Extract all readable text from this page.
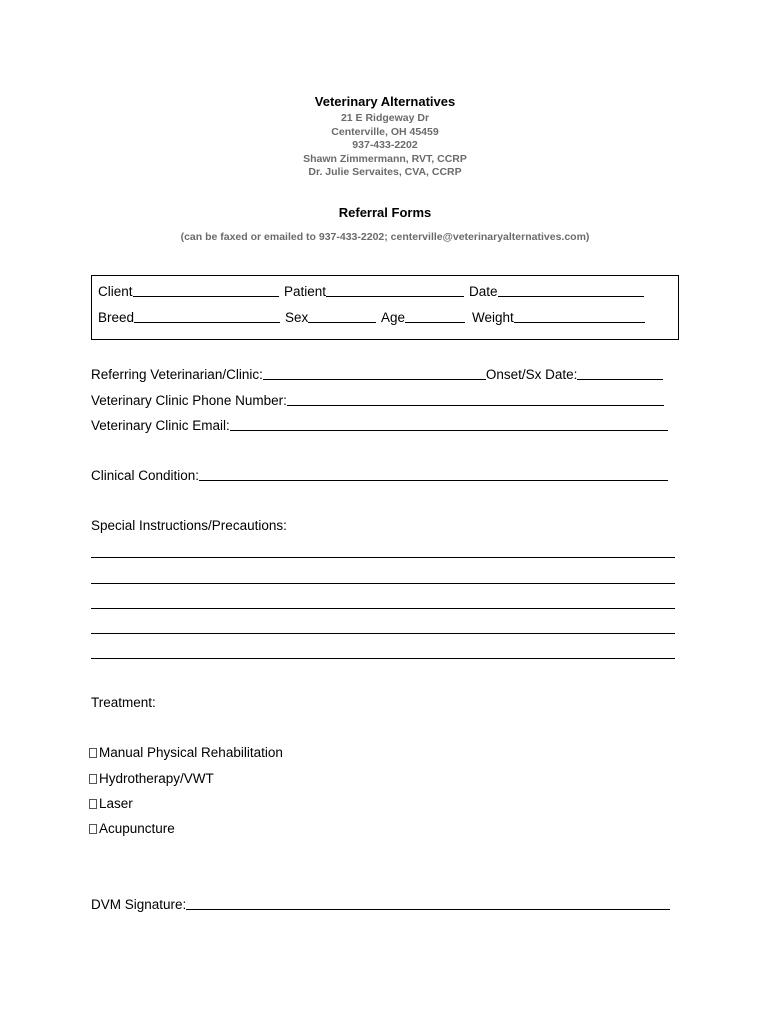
Veterinary Alternatives
21 E Ridgeway Dr
Centerville, OH 45459
937-433-2202
Shawn Zimmermann, RVT, CCRP
Dr. Julie Servaites, CVA, CCRP
Referral Forms
(can be faxed or emailed to 937-433-2202; centerville@veterinaryalternatives.com)
Client	Patient	Date
Breed	Sex	Age	Weight
Referring Veterinarian/Clinic:	Onset/Sx Date:
Veterinary Clinic Phone Number:
Veterinary Clinic Email:
Clinical Condition:
Special Instructions/Precautions:
Treatment:
Manual Physical Rehabilitation
Hydrotherapy/VWT
Laser
Acupuncture
DVM Signature:
